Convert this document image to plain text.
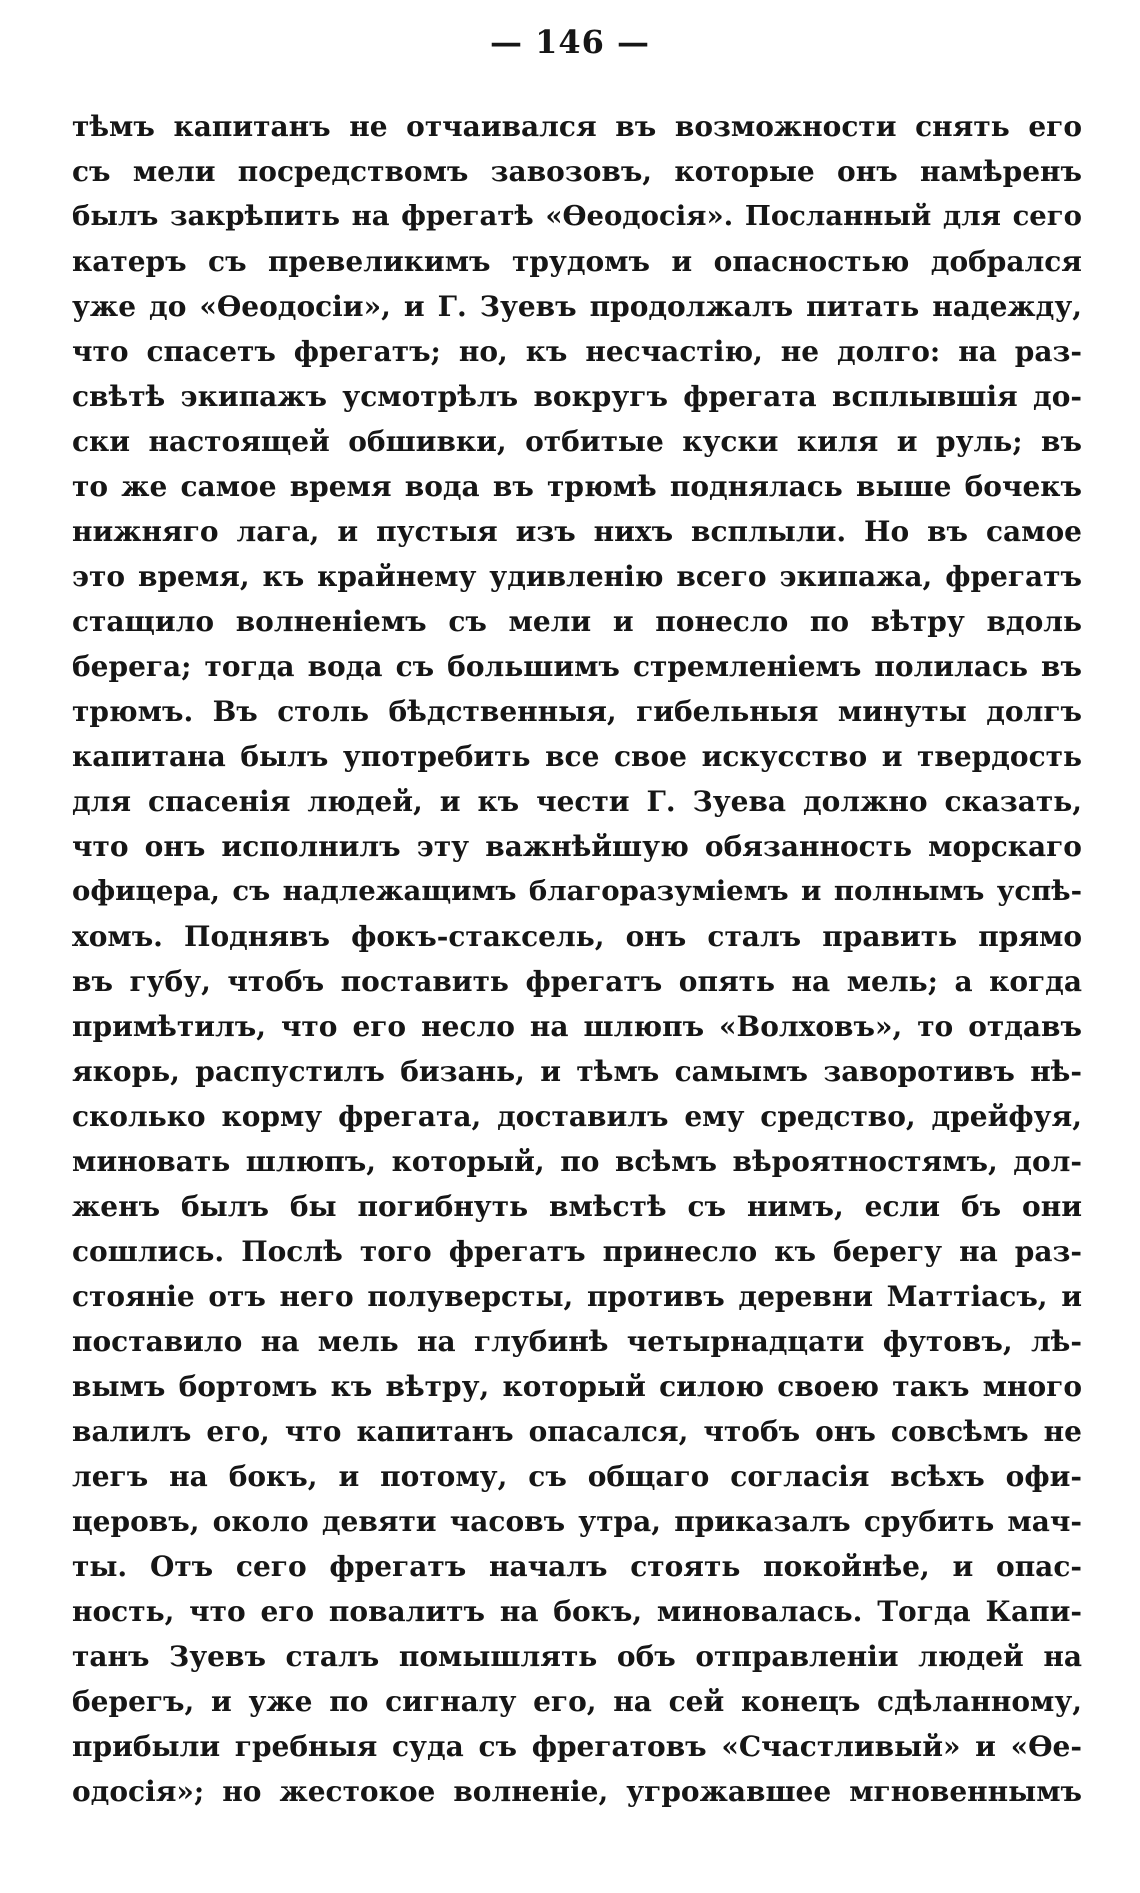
— 146 —
тѣмъ капитанъ не отчаивался въ возможности снять его
съ мели посредствомъ завозовъ, которые онъ намѣренъ
былъ закрѣпить на фрегатѣ «Ѳеодосія». Посланный для сего
катеръ съ превеликимъ трудомъ и опасностью добрался
уже до «Ѳеодосіи», и Г. Зуевъ продолжалъ питать надежду,
что спасетъ фрегатъ; но, къ несчастію, не долго: на раз-
свѣтѣ экипажъ усмотрѣлъ вокругъ фрегата всплывшія до-
ски настоящей обшивки, отбитые куски киля и руль; въ
то же самое время вода въ трюмѣ поднялась выше бочекъ
нижняго лага, и пустыя изъ нихъ всплыли. Но въ самое
это время, къ крайнему удивленію всего экипажа, фрегатъ
стащило волненіемъ съ мели и понесло по вѣтру вдоль
берега; тогда вода съ большимъ стремленіемъ полилась въ
трюмъ. Въ столь бѣдственныя, гибельныя минуты долгъ
капитана былъ употребить все свое искусство и твердость
для спасенія людей, и къ чести Г. Зуева должно сказать,
что онъ исполнилъ эту важнѣйшую обязанность морскаго
офицера, съ надлежащимъ благоразуміемъ и полнымъ успѣ-
хомъ. Поднявъ фокъ-стаксель, онъ сталъ править прямо
въ губу, чтобъ поставить фрегатъ опять на мель; а когда
примѣтилъ, что его несло на шлюпъ «Волховъ», то отдавъ
якорь, распустилъ бизань, и тѣмъ самымъ заворотивъ нѣ-
сколько корму фрегата, доставилъ ему средство, дрейфуя,
миновать шлюпъ, который, по всѣмъ вѣроятностямъ, дол-
женъ былъ бы погибнуть вмѣстѣ съ нимъ, если бъ они
сошлись. Послѣ того фрегатъ принесло къ берегу на раз-
стояніе отъ него полуверсты, противъ деревни Маттіасъ, и
поставило на мель на глубинѣ четырнадцати футовъ, лѣ-
вымъ бортомъ къ вѣтру, который силою своею такъ много
валилъ его, что капитанъ опасался, чтобъ онъ совсѣмъ не
легъ на бокъ, и потому, съ общаго согласія всѣхъ офи-
церовъ, около девяти часовъ утра, приказалъ срубить мач-
ты. Отъ сего фрегатъ началъ стоять покойнѣе, и опас-
ность, что его повалитъ на бокъ, миновалась. Тогда Капи-
танъ Зуевъ сталъ помышлять объ отправленіи людей на
берегъ, и уже по сигналу его, на сей конецъ сдѣланному,
прибыли гребныя суда съ фрегатовъ «Счастливый» и «Ѳе-
одосія»; но жестокое волненіе, угрожавшее мгновеннымъ
